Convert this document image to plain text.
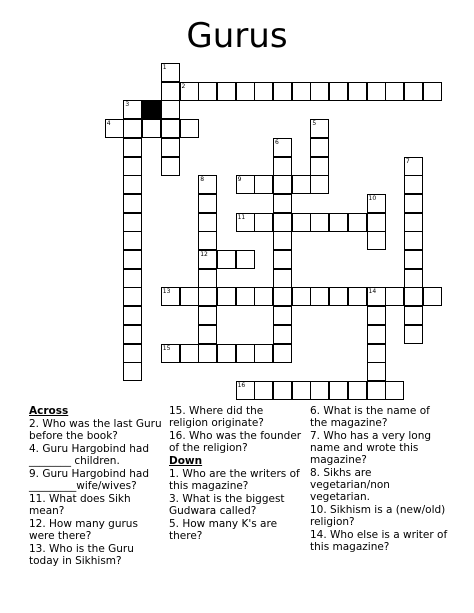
Gurus
1
2
3
4	5
6
7
8	9
10
11
12
13	14
15
16
Across
2. Who was the last Guru before the book?
4. Guru Hargobind had ________ children.
9. Guru Hargobind had _________wife/wives?
11. What does Sikh mean?
12. How many gurus were there?
13. Who is the Guru today in Sikhism?
15. Where did the religion originate?
16. Who was the founder of the religion?
Down
1. Who are the writers of this magazine?
3. What is the biggest Gudwara called?
5. How many K's are there?
6. What is the name of the magazine?
7. Who has a very long name and wrote this magazine?
8. Sikhs are vegetarian/non vegetarian.
10. Sikhism is a (new/old) religion?
14. Who else is a writer of this magazine?
